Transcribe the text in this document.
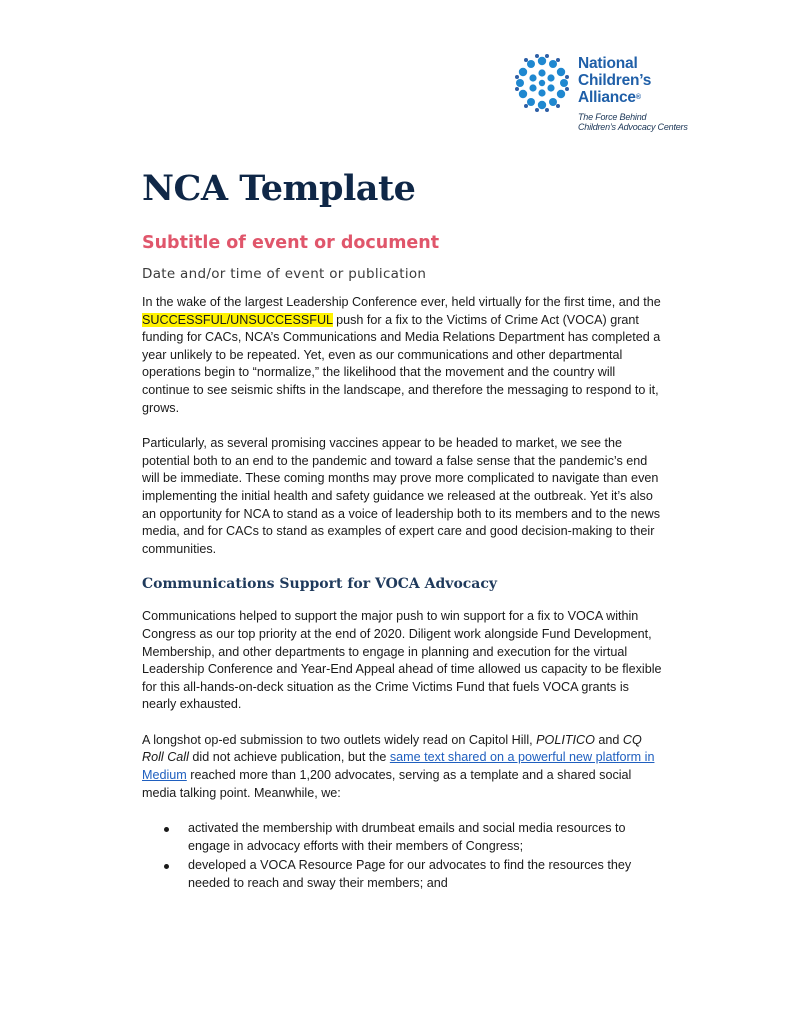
National
Children’s
Alliance®
The Force Behind
Children’s Advocacy Centers
NCA Template
Subtitle of event or document

Date and/or time of event or publication

In the wake of the largest Leadership Conference ever, held virtually for the first time, and the SUCCESSFUL/UNSUCCESSFUL push for a fix to the Victims of Crime Act (VOCA) grant funding for CACs, NCA’s Communications and Media Relations Department has completed a year unlikely to be repeated. Yet, even as our communications and other departmental operations begin to “normalize,” the likelihood that the movement and the country will continue to see seismic shifts in the landscape, and therefore the messaging to respond to it, grows.

Particularly, as several promising vaccines appear to be headed to market, we see the potential both to an end to the pandemic and toward a false sense that the pandemic’s end will be immediate. These coming months may prove more complicated to navigate than even implementing the initial health and safety guidance we released at the outbreak. Yet it’s also an opportunity for NCA to stand as a voice of leadership both to its members and to the news media, and for CACs to stand as examples of expert care and good decision-making to their communities.

Communications Support for VOCA Advocacy

Communications helped to support the major push to win support for a fix to VOCA within Congress as our top priority at the end of 2020. Diligent work alongside Fund Development, Membership, and other departments to engage in planning and execution for the virtual Leadership Conference and Year-End Appeal ahead of time allowed us capacity to be flexible for this all-hands-on-deck situation as the Crime Victims Fund that fuels VOCA grants is nearly exhausted.

A longshot op-ed submission to two outlets widely read on Capitol Hill, POLITICO and CQ Roll Call did not achieve publication, but the same text shared on a powerful new platform in Medium reached more than 1,200 advocates, serving as a template and a shared social media talking point. Meanwhile, we:

activated the membership with drumbeat emails and social media resources to engage in advocacy efforts with their members of Congress;
developed a VOCA Resource Page for our advocates to find the resources they needed to reach and sway their members; and
